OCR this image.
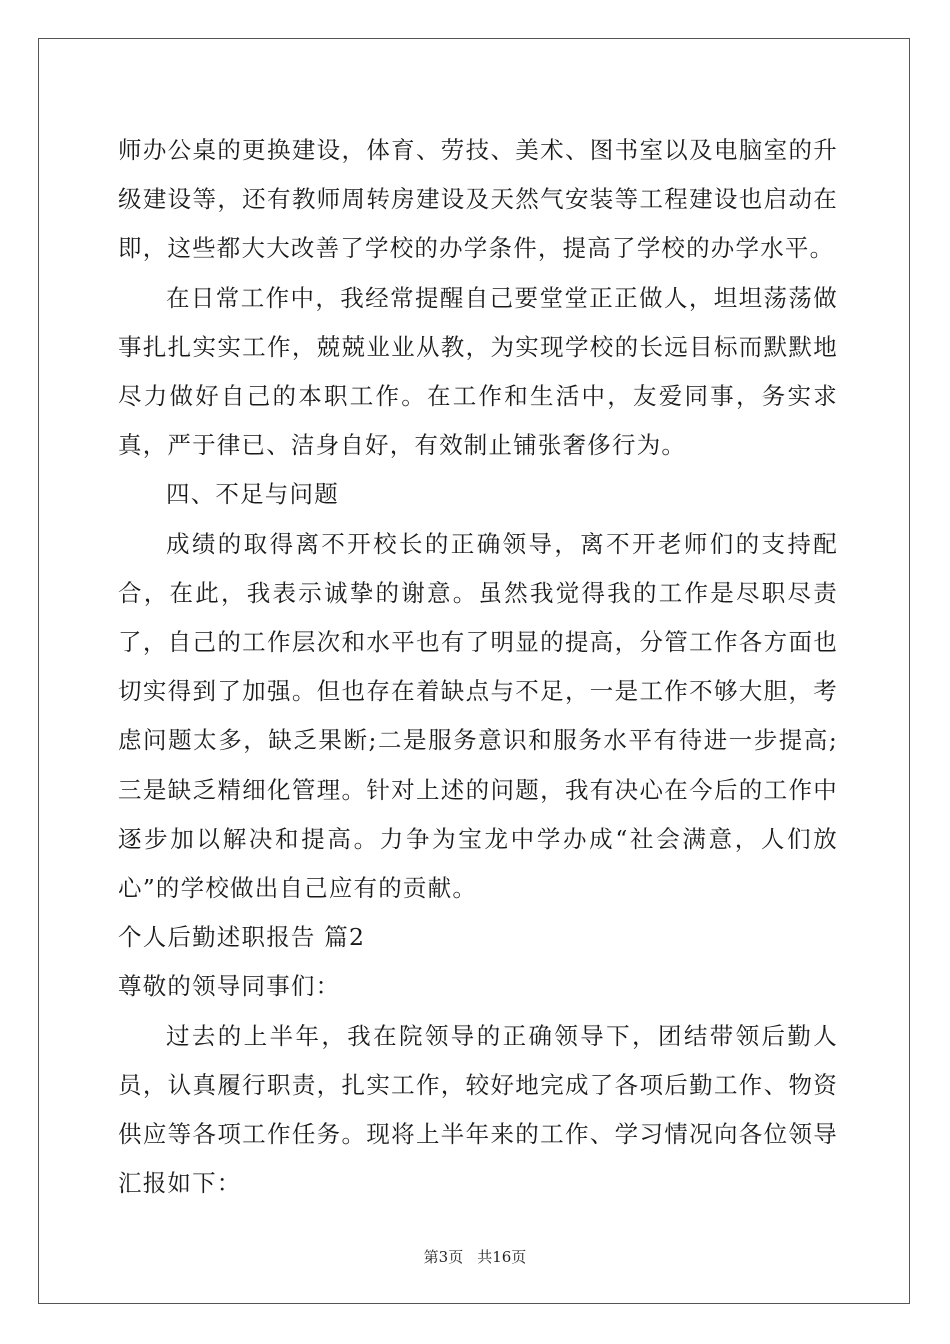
师办公桌的更换建设，体育、劳技、美术、图书室以及电脑室的升级建设等，还有教师周转房建设及天然气安装等工程建设也启动在即，这些都大大改善了学校的办学条件，提高了学校的办学水平。

在日常工作中，我经常提醒自己要堂堂正正做人，坦坦荡荡做事扎扎实实工作，兢兢业业从教，为实现学校的长远目标而默默地尽力做好自己的本职工作。在工作和生活中，友爱同事，务实求真，严于律已、洁身自好，有效制止铺张奢侈行为。

四、不足与问题

成绩的取得离不开校长的正确领导，离不开老师们的支持配合，在此，我表示诚挚的谢意。虽然我觉得我的工作是尽职尽责了，自己的工作层次和水平也有了明显的提高，分管工作各方面也切实得到了加强。但也存在着缺点与不足，一是工作不够大胆，考虑问题太多，缺乏果断;二是服务意识和服务水平有待进一步提高;三是缺乏精细化管理。针对上述的问题，我有决心在今后的工作中逐步加以解决和提高。力争为宝龙中学办成“社会满意，人们放心”的学校做出自己应有的贡献。

个人后勤述职报告 篇2

尊敬的领导同事们：

过去的上半年，我在院领导的正确领导下，团结带领后勤人员，认真履行职责，扎实工作，较好地完成了各项后勤工作、物资供应等各项工作任务。现将上半年来的工作、学习情况向各位领导汇报如下：

第3页 共16页
